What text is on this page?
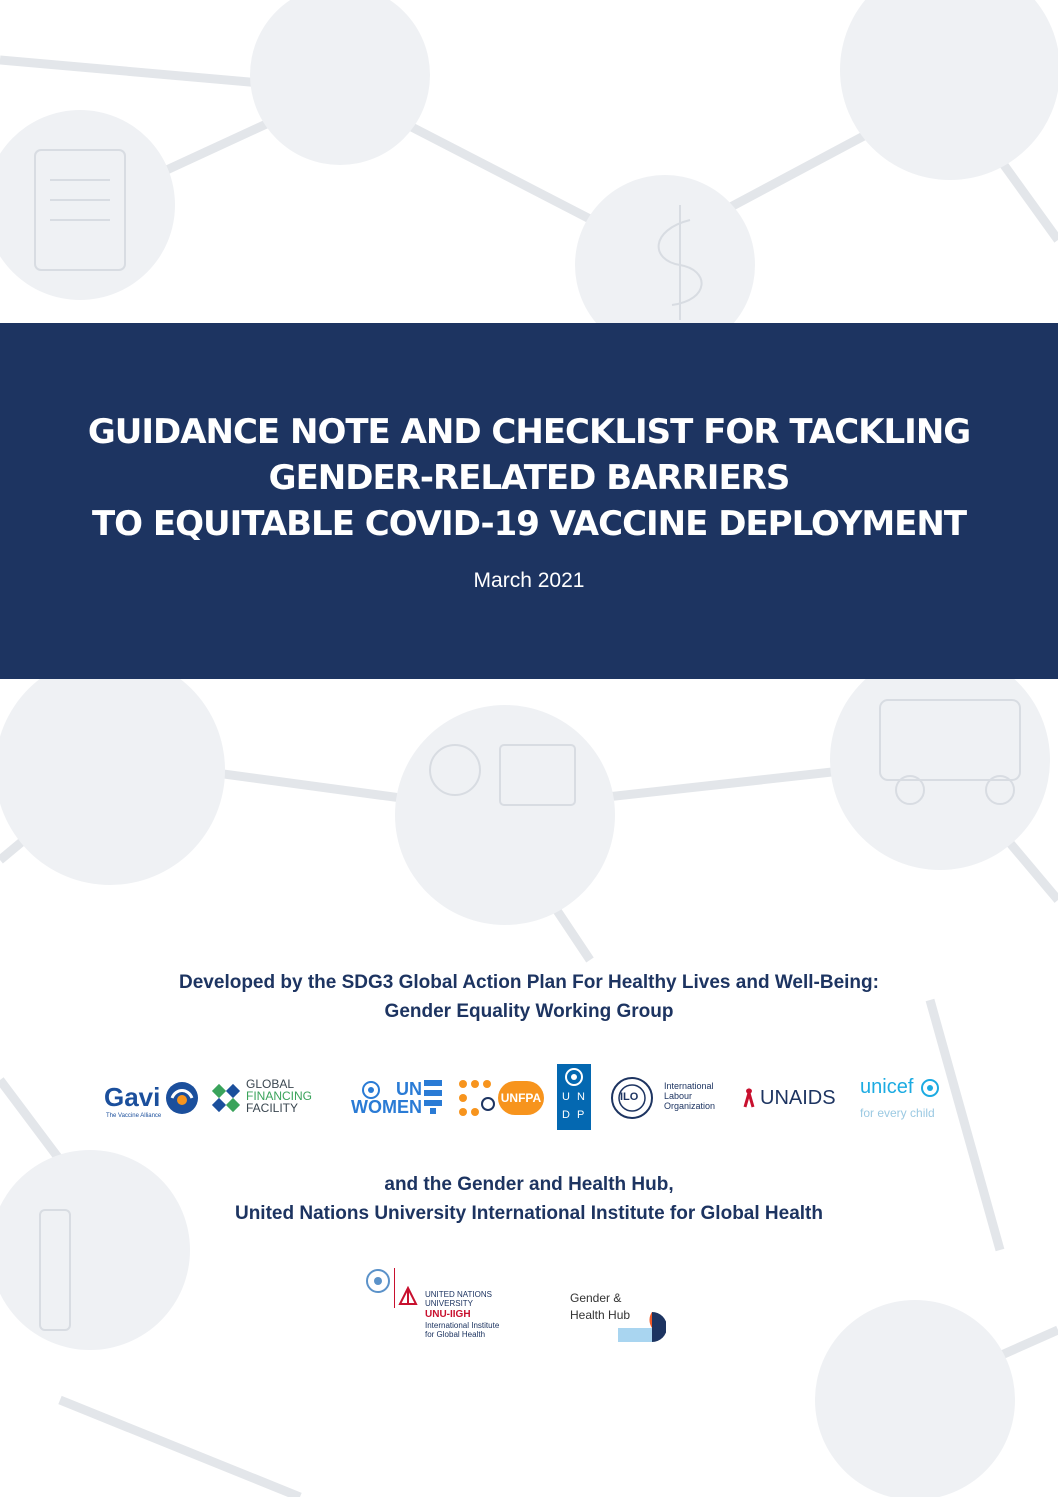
GUIDANCE NOTE AND CHECKLIST FOR TACKLING
GENDER-RELATED BARRIERS
TO EQUITABLE COVID-19 VACCINE DEPLOYMENT
March 2021
Developed by the SDG3 Global Action Plan For Healthy Lives and Well-Being:
Gender Equality Working Group
Gavi
The Vaccine Alliance
GLOBAL
FINANCING
FACILITY
UN
WOMEN	UNFPA U N
D P
ILO
International
Labour
Organization UNAIDS unicef
for every child
and the Gender and Health Hub,
United Nations University International Institute for Global Health
UNITED NATIONS
UNIVERSITY
UNU-IIGH
International Institute
for Global Health
Gender &
Health Hub
